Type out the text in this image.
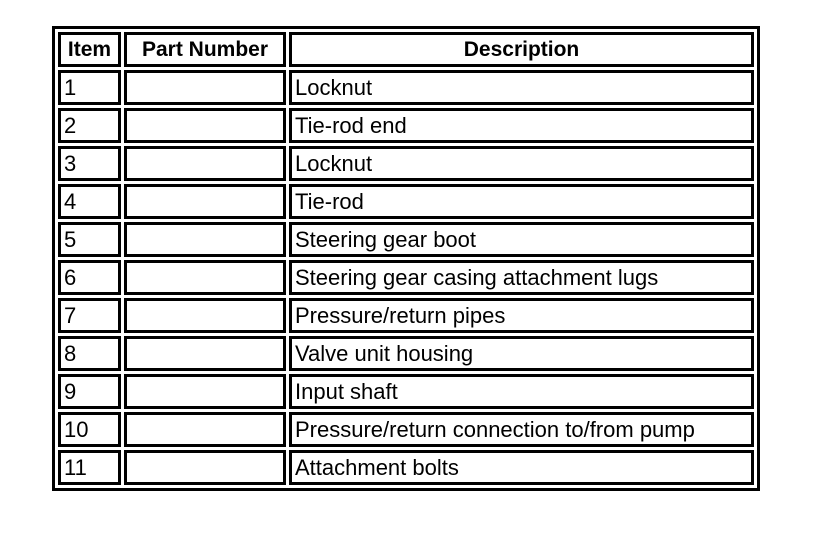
Item	Part Number	Description
1		Locknut
2		Tie-rod end
3		Locknut
4		Tie-rod
5		Steering gear boot
6		Steering gear casing attachment lugs
7		Pressure/return pipes
8		Valve unit housing
9		Input shaft
10		Pressure/return connection to/from pump
11		Attachment bolts
